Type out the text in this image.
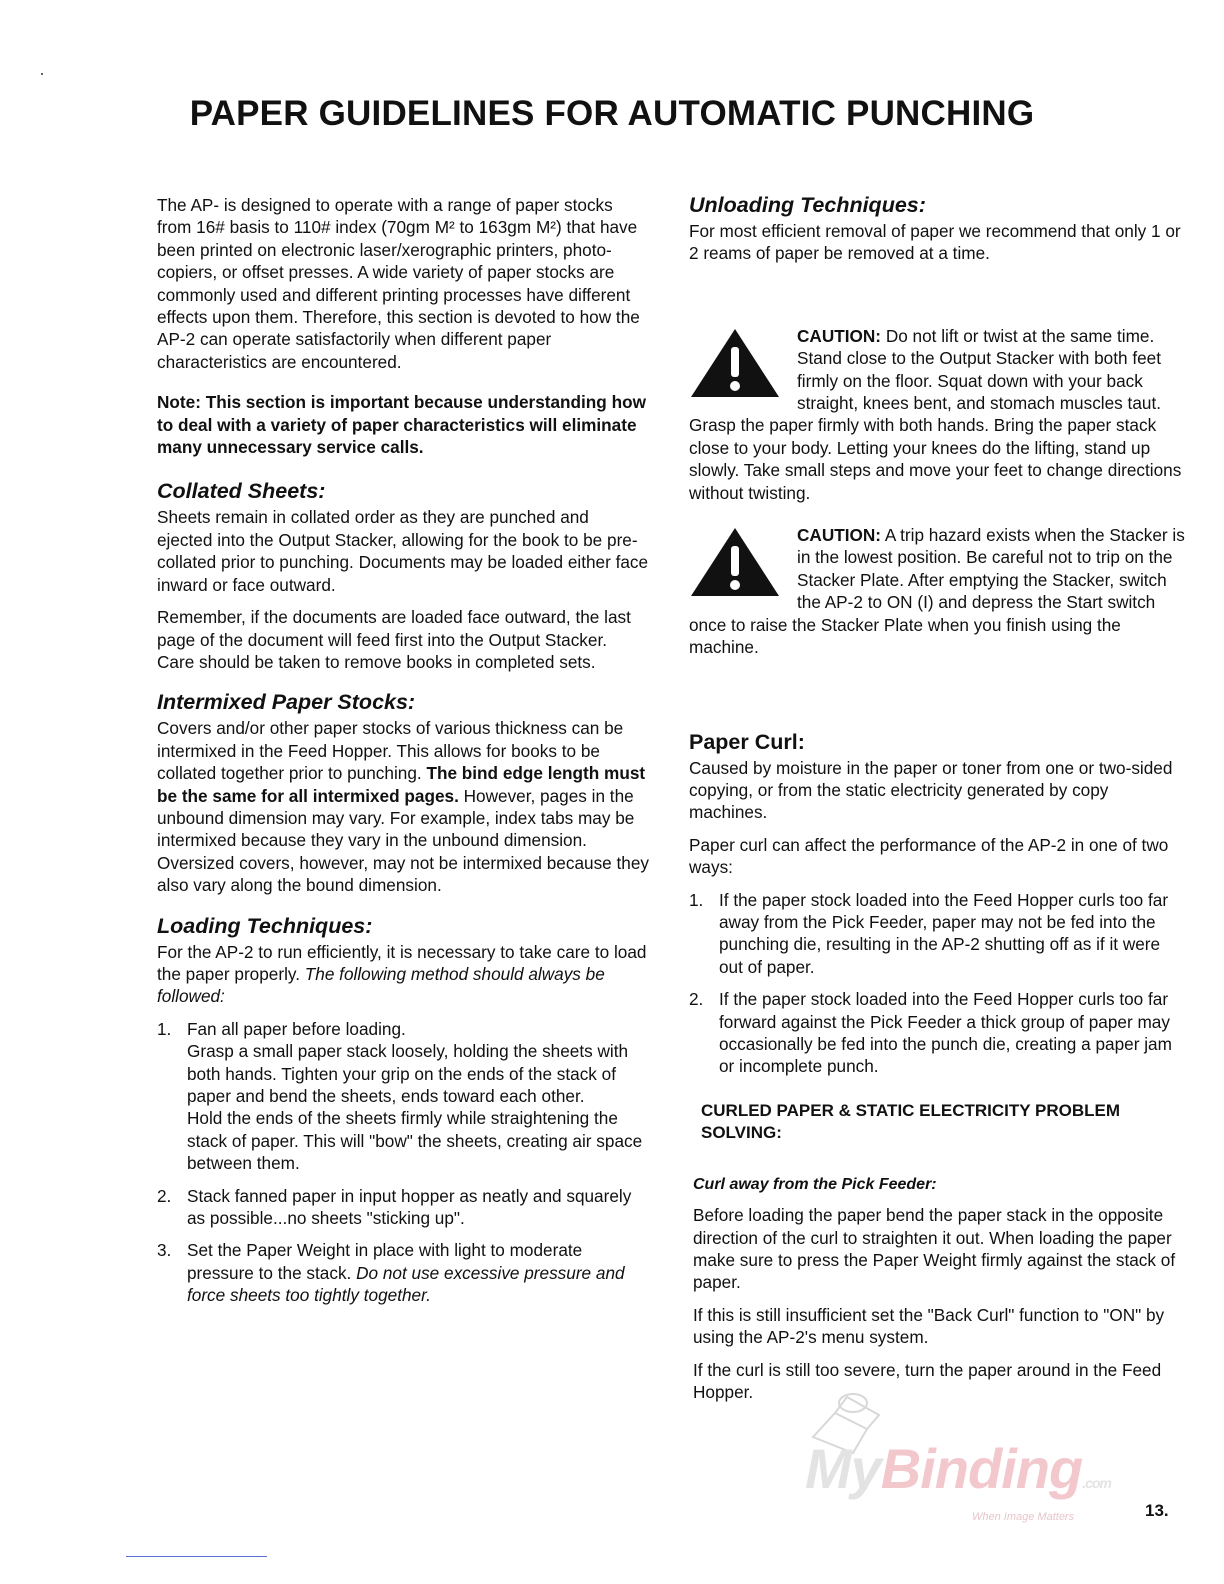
PAPER GUIDELINES FOR AUTOMATIC PUNCHING

The AP- is designed to operate with a range of paper stocks from 16# basis to 110# index (70gm M² to 163gm M²) that have been printed on electronic laser/xerographic printers, photo-copiers, or offset presses. A wide variety of paper stocks are commonly used and different printing processes have different effects upon them. Therefore, this section is devoted to how the AP-2 can operate satisfactorily when different paper characteristics are encountered.

Note: This section is important because understanding how to deal with a variety of paper characteristics will eliminate many unnecessary service calls.

Collated Sheets:

Sheets remain in collated order as they are punched and ejected into the Output Stacker, allowing for the book to be pre-collated prior to punching. Documents may be loaded either face inward or face outward.

Remember, if the documents are loaded face outward, the last page of the document will feed first into the Output Stacker. Care should be taken to remove books in completed sets.

Intermixed Paper Stocks:

Covers and/or other paper stocks of various thickness can be intermixed in the Feed Hopper. This allows for books to be collated together prior to punching. The bind edge length must be the same for all intermixed pages. However, pages in the unbound dimension may vary. For example, index tabs may be intermixed because they vary in the unbound dimension. Oversized covers, however, may not be intermixed because they also vary along the bound dimension.

Loading Techniques:

For the AP-2 to run efficiently, it is necessary to take care to load the paper properly. The following method should always be followed:

1. Fan all paper before loading.
Grasp a small paper stack loosely, holding the sheets with both hands. Tighten your grip on the ends of the stack of paper and bend the sheets, ends toward each other.
Hold the ends of the sheets firmly while straightening the stack of paper. This will "bow" the sheets, creating air space between them.
2. Stack fanned paper in input hopper as neatly and squarely as possible...no sheets "sticking up".
3. Set the Paper Weight in place with light to moderate pressure to the stack. Do not use excessive pressure and force sheets too tightly together.
Unloading Techniques:

For most efficient removal of paper we recommend that only 1 or 2 reams of paper be removed at a time.

CAUTION: Do not lift or twist at the same time. Stand close to the Output Stacker with both feet firmly on the floor. Squat down with your back straight, knees bent, and stomach muscles taut. Grasp the paper firmly with both hands. Bring the paper stack close to your body. Letting your knees do the lifting, stand up slowly. Take small steps and move your feet to change directions without twisting.

CAUTION: A trip hazard exists when the Stacker is in the lowest position. Be careful not to trip on the Stacker Plate. After emptying the Stacker, switch the AP-2 to ON (I) and depress the Start switch once to raise the Stacker Plate when you finish using the machine.

Paper Curl:

Caused by moisture in the paper or toner from one or two-sided copying, or from the static electricity generated by copy machines.

Paper curl can affect the performance of the AP-2 in one of two ways:

1. If the paper stock loaded into the Feed Hopper curls too far away from the Pick Feeder, paper may not be fed into the punching die, resulting in the AP-2 shutting off as if it were out of paper.
2. If the paper stock loaded into the Feed Hopper curls too far forward against the Pick Feeder a thick group of paper may occasionally be fed into the punch die, creating a paper jam or incomplete punch.
CURLED PAPER & STATIC ELECTRICITY PROBLEM SOLVING:
Curl away from the Pick Feeder:

Before loading the paper bend the paper stack in the opposite direction of the curl to straighten it out. When loading the paper make sure to press the Paper Weight firmly against the stack of paper.

If this is still insufficient set the "Back Curl" function to "ON" by using the AP-2's menu system.

If the curl is still too severe, turn the paper around in the Feed Hopper.

MyBinding.com
When Image Matters	13.
